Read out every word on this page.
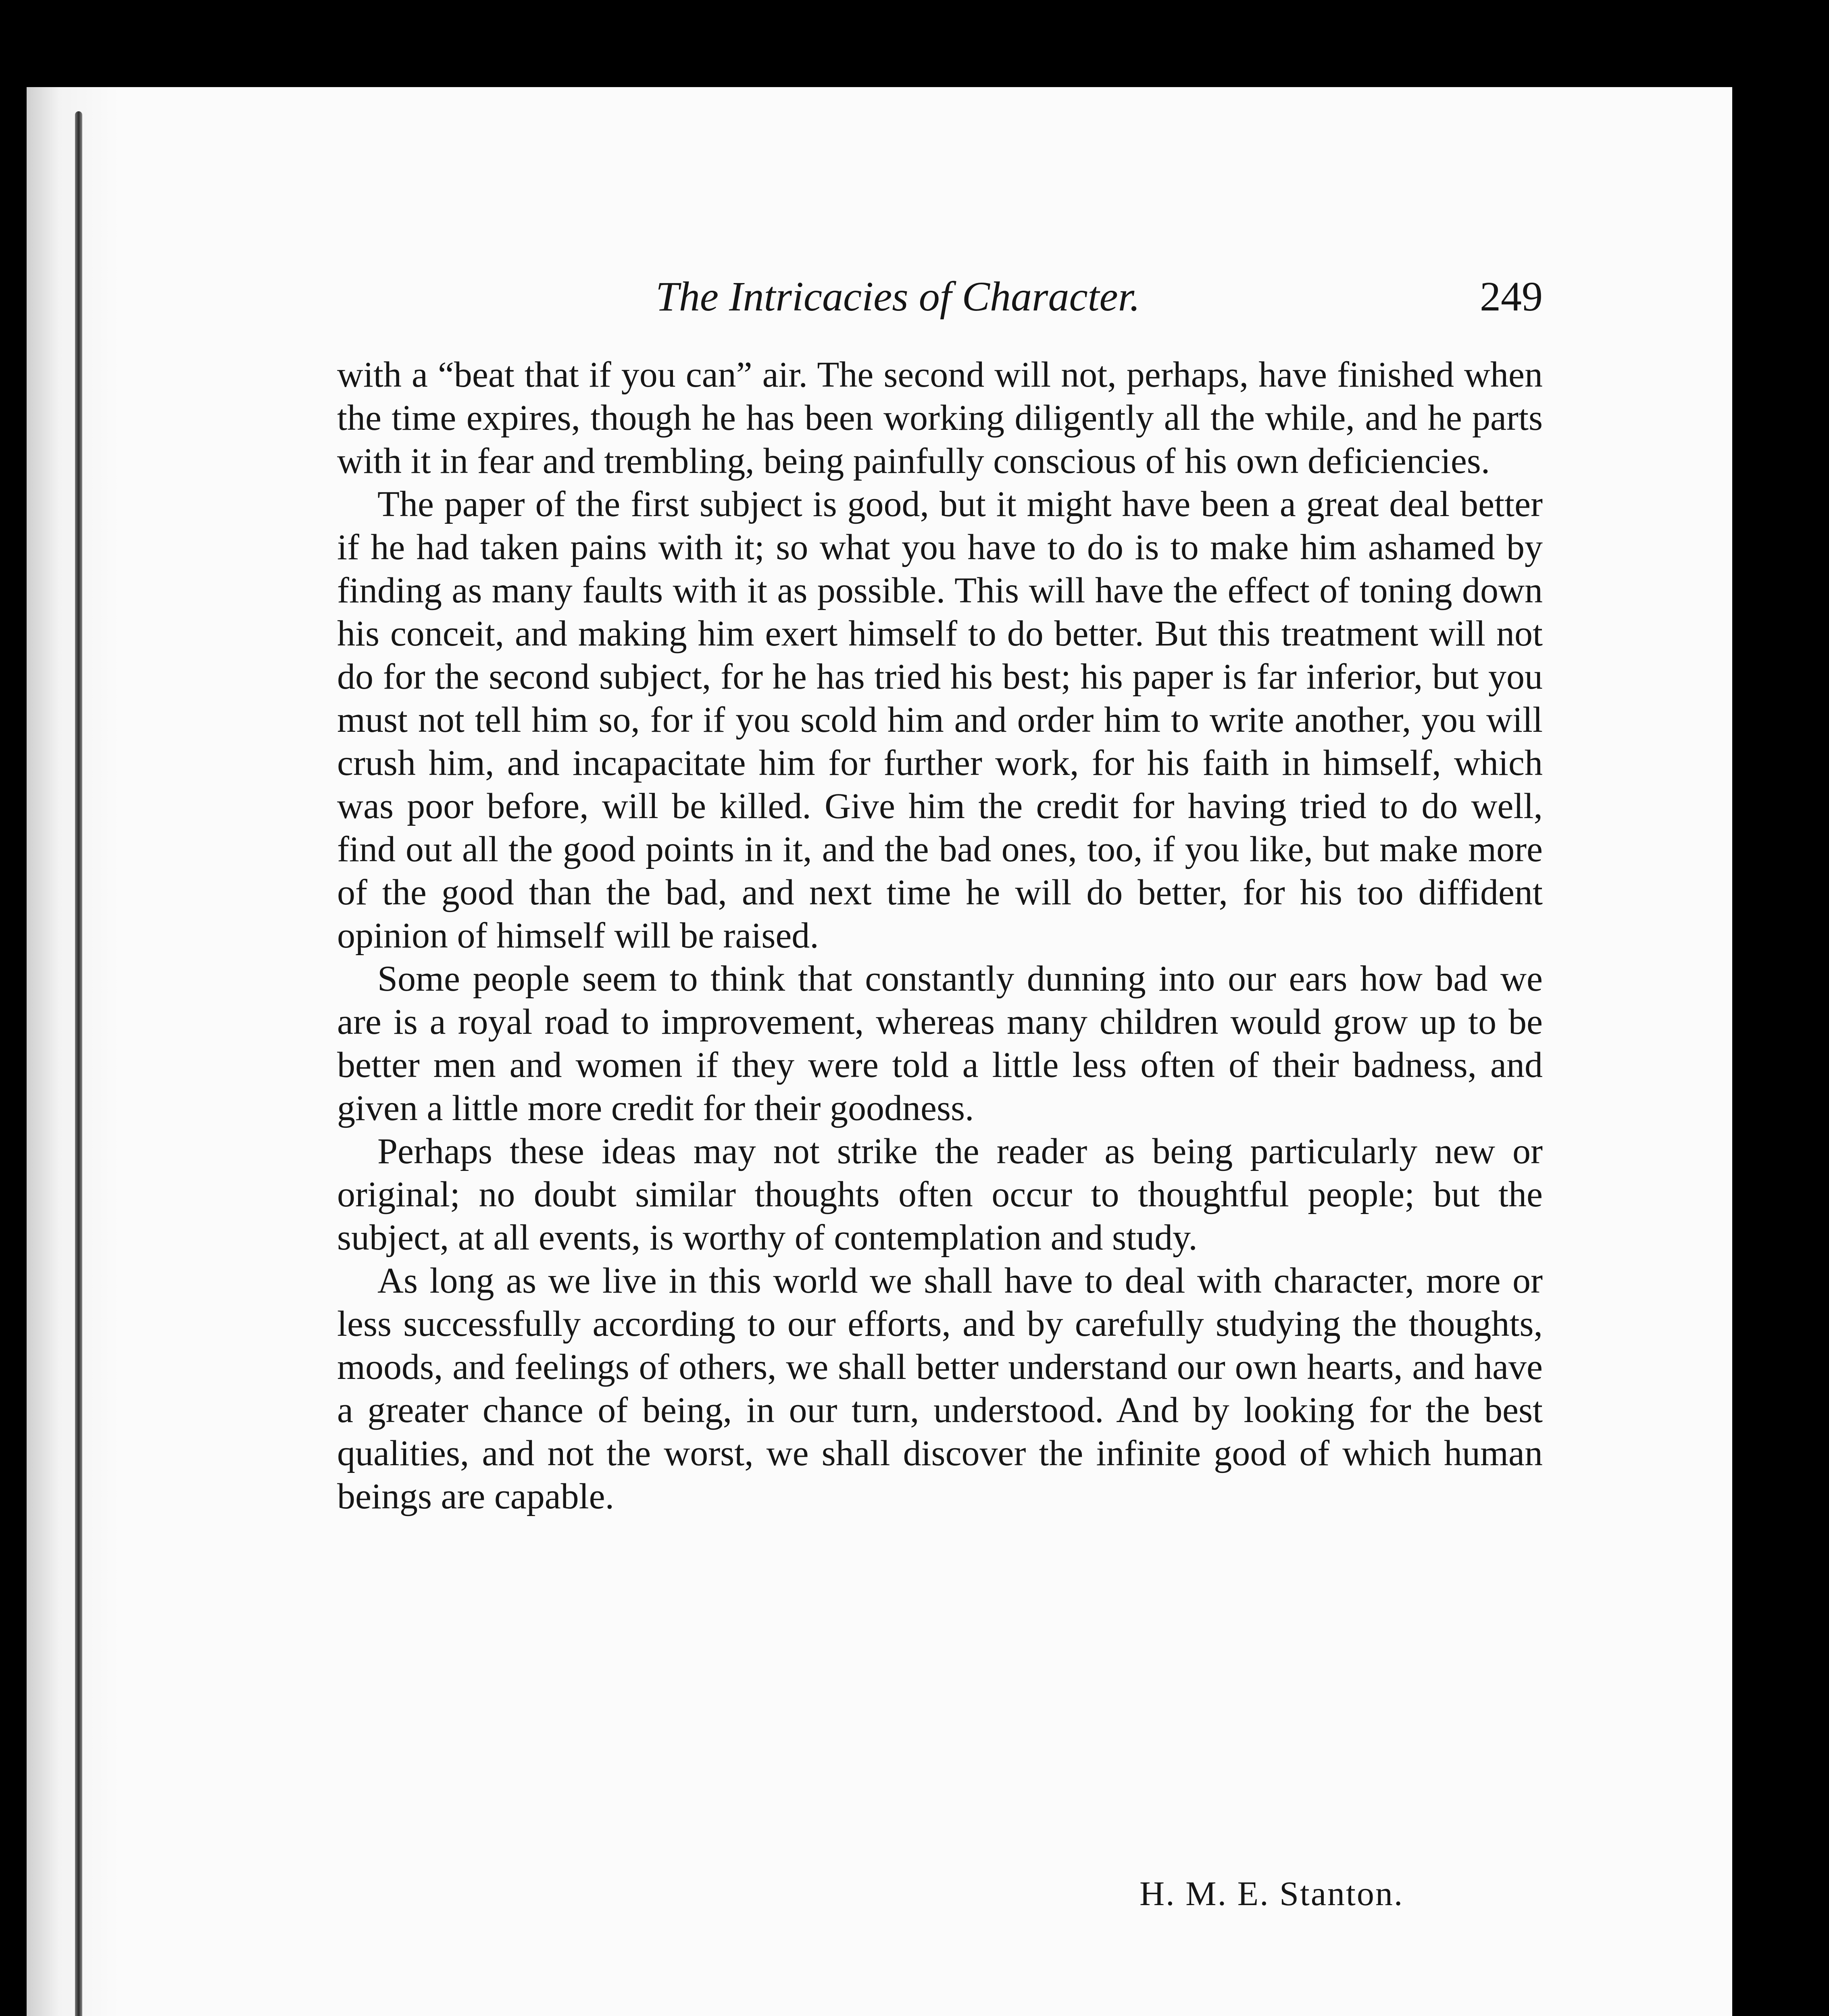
The Intricacies of Character.	249

with a “beat that if you can” air. The second will not, perhaps, have finished when the time expires, though he has been working diligently all the while, and he parts with it in fear and trembling, being painfully conscious of his own deficiencies.

The paper of the first subject is good, but it might have been a great deal better if he had taken pains with it; so what you have to do is to make him ashamed by finding as many faults with it as possible. This will have the effect of toning down his conceit, and making him exert himself to do better. But this treatment will not do for the second subject, for he has tried his best; his paper is far inferior, but you must not tell him so, for if you scold him and order him to write another, you will crush him, and incapacitate him for further work, for his faith in himself, which was poor before, will be killed. Give him the credit for having tried to do well, find out all the good points in it, and the bad ones, too, if you like, but make more of the good than the bad, and next time he will do better, for his too diffident opinion of himself will be raised.

Some people seem to think that constantly dunning into our ears how bad we are is a royal road to improvement, whereas many children would grow up to be better men and women if they were told a little less often of their badness, and given a little more credit for their goodness.

Perhaps these ideas may not strike the reader as being particularly new or original; no doubt similar thoughts often occur to thoughtful people; but the subject, at all events, is worthy of contemplation and study.

As long as we live in this world we shall have to deal with character, more or less successfully according to our efforts, and by carefully studying the thoughts, moods, and feelings of others, we shall better understand our own hearts, and have a greater chance of being, in our turn, understood. And by looking for the best qualities, and not the worst, we shall discover the infinite good of which human beings are capable.

H. M. E. Stanton.
